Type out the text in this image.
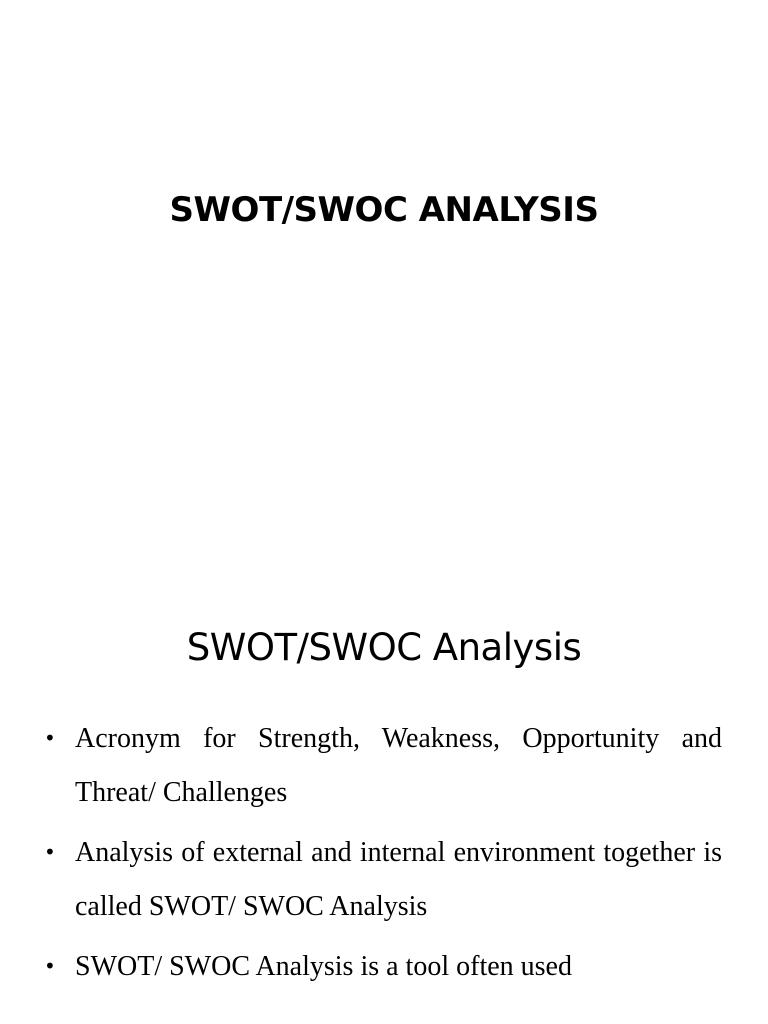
SWOT/SWOC ANALYSIS
SWOT/SWOC Analysis
• Acronym for Strength, Weakness, Opportunity and Threat/ Challenges
• Analysis of external and internal environment together is called SWOT/ SWOC Analysis
• SWOT/ SWOC Analysis is a tool often used
